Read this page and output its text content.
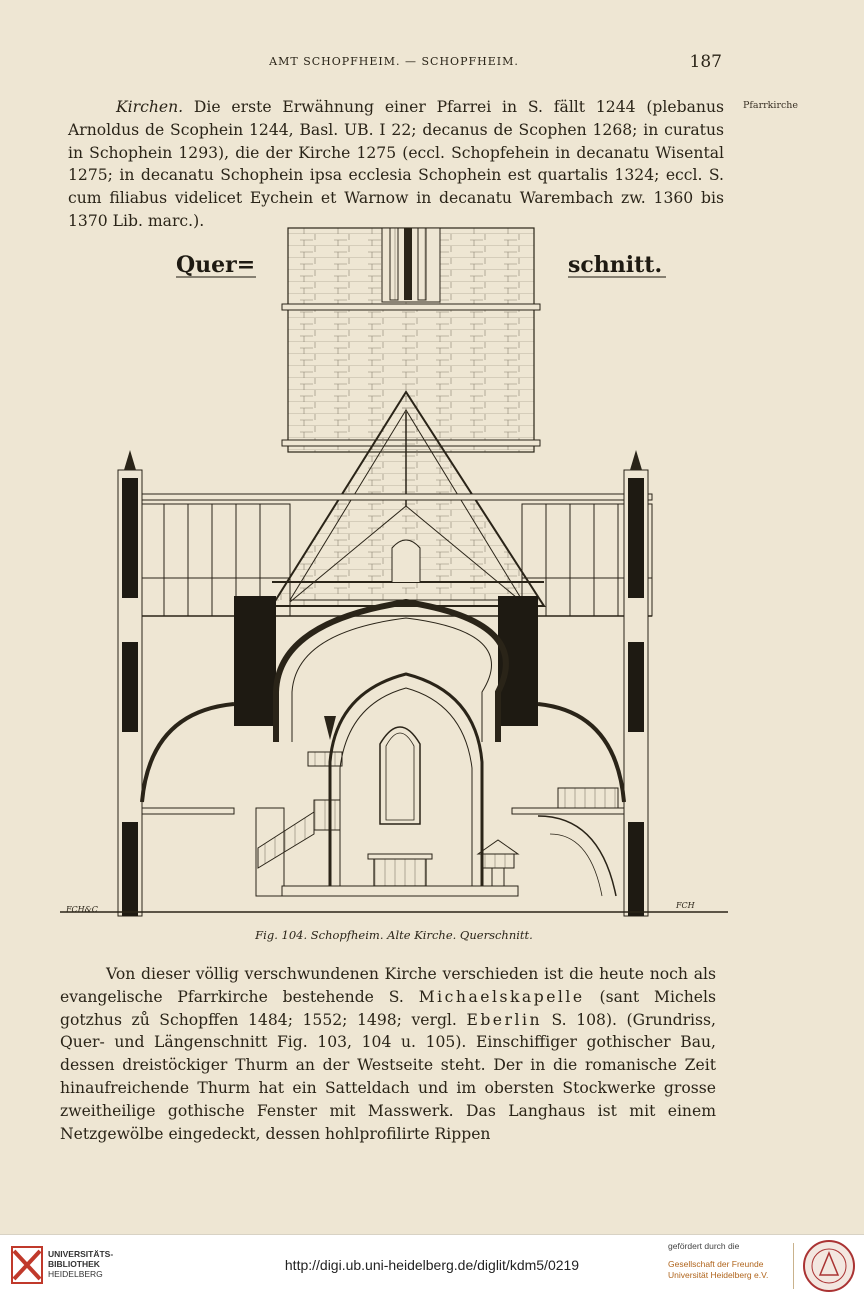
AMT SCHOPFHEIM. — SCHOPFHEIM.	187
Pfarrkirche

Kirchen. Die erste Erwähnung einer Pfarrei in S. fällt 1244 (plebanus Arnoldus de Scophein 1244, Basl. UB. I 22; decanus de Scophen 1268; in curatus in Schophein 1293), die der Kirche 1275 (eccl. Schopfehein in decanatu Wisental 1275; in decanatu Schophein ipsa ecclesia Schophein est quartalis 1324; eccl. S. cum filiabus videlicet Eychein et Warnow in decanatu Warembach zw. 1360 bis 1370 Lib. marc.).

Quer=	schnitt.
FCH&C	FCH
Fig. 104. Schopfheim. Alte Kirche. Querschnitt.

Von dieser völlig verschwundenen Kirche verschieden ist die heute noch als evangelische Pfarrkirche bestehende S. Michaelskapelle (sant Michels gotzhus zů Schopffen 1484; 1552; 1498; vergl. Eberlin S. 108). (Grundriss, Quer- und Längenschnitt Fig. 103, 104 u. 105). Einschiffiger gothischer Bau, dessen dreistöckiger Thurm an der Westseite steht. Der in die romanische Zeit hinaufreichende Thurm hat ein Satteldach und im obersten Stockwerke grosse zweitheilige gothische Fenster mit Masswerk. Das Langhaus ist mit einem Netzgewölbe eingedeckt, dessen hohlprofilirte Rippen

UNIVERSITÄTS-
BIBLIOTHEK
HEIDELBERG
http://digi.ub.uni-heidelberg.de/diglit/kdm5/0219
gefördert durch die
Gesellschaft der Freunde
Universität Heidelberg e.V.
